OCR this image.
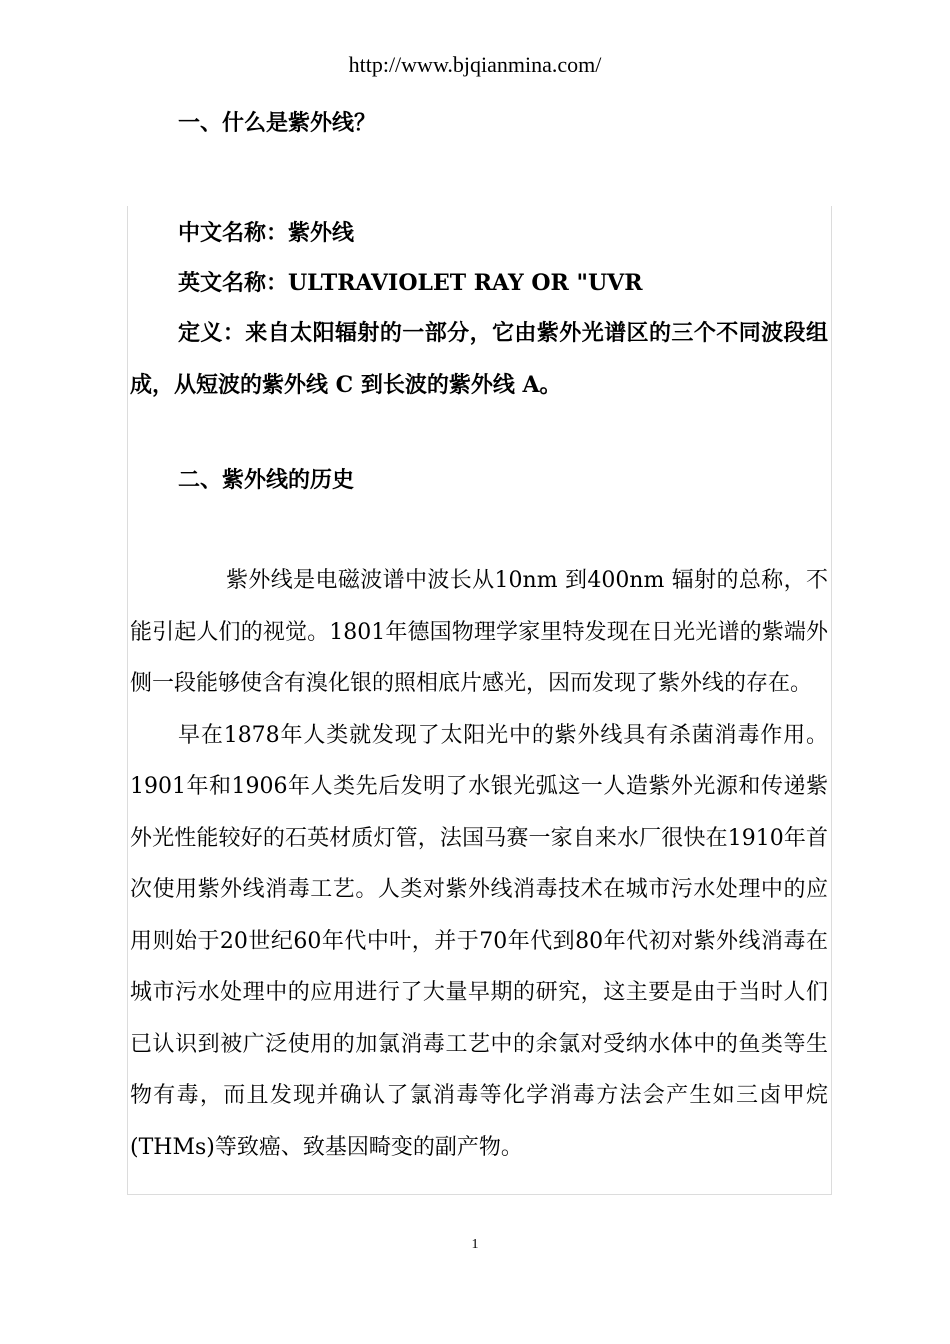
http://www.bjqianmina.com/

一、什么是紫外线？

中文名称：紫外线

英文名称：ULTRAVIOLET RAY OR "UVR

定义：来自太阳辐射的一部分，它由紫外光谱区的三个不同波段组成，从短波的紫外线 C 到长波的紫外线 A。

二、紫外线的历史

紫外线是电磁波谱中波长从10nm 到400nm 辐射的总称，不能引起人们的视觉。1801年德国物理学家里特发现在日光光谱的紫端外侧一段能够使含有溴化银的照相底片感光，因而发现了紫外线的存在。

早在1878年人类就发现了太阳光中的紫外线具有杀菌消毒作用。1901年和1906年人类先后发明了水银光弧这一人造紫外光源和传递紫外光性能较好的石英材质灯管，法国马赛一家自来水厂很快在1910年首次使用紫外线消毒工艺。人类对紫外线消毒技术在城市污水处理中的应用则始于20世纪60年代中叶，并于70年代到80年代初对紫外线消毒在城市污水处理中的应用进行了大量早期的研究，这主要是由于当时人们已认识到被广泛使用的加氯消毒工艺中的余氯对受纳水体中的鱼类等生物有毒，而且发现并确认了氯消毒等化学消毒方法会产生如三卤甲烷(THMs)等致癌、致基因畸变的副产物。

1
